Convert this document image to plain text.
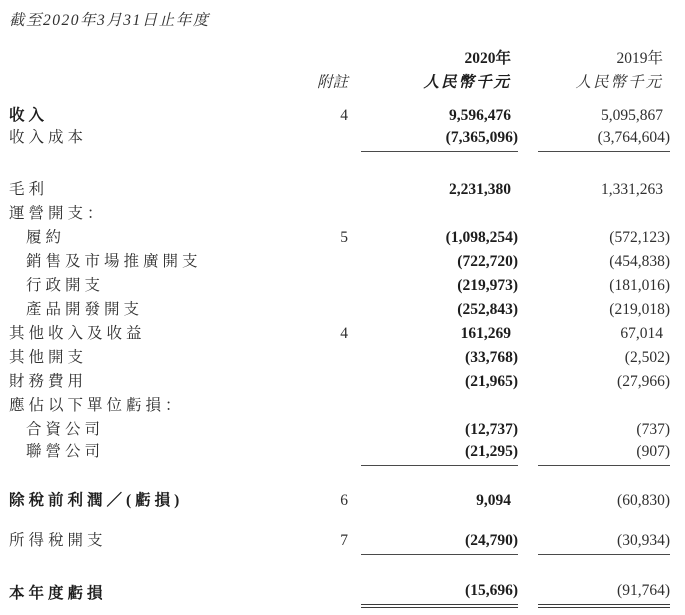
截至2020年3月31日止年度
		2020年	2019年
	附註	人民幣千元	人民幣千元

收入	4	9,596,476	5,095,867

收入成本		(7,365,096)	(3,764,604)

毛利		2,231,380	1,331,263

運營開支：		

履約	5	(1,098,254)	(572,123)

銷售及市場推廣開支		(722,720)	(454,838)

行政開支		(219,973)	(181,016)

產品開發開支		(252,843)	(219,018)

其他收入及收益	4	161,269	67,014

其他開支		(33,768)	(2,502)

財務費用		(21,965)	(27,966)

應佔以下單位虧損：		

合資公司		(12,737)	(737)

聯營公司		(21,295)	(907)

除稅前利潤／(虧損)	6	9,094	(60,830)

所得稅開支	7	(24,790)	(30,934)

本年度虧損		(15,696)	(91,764)
